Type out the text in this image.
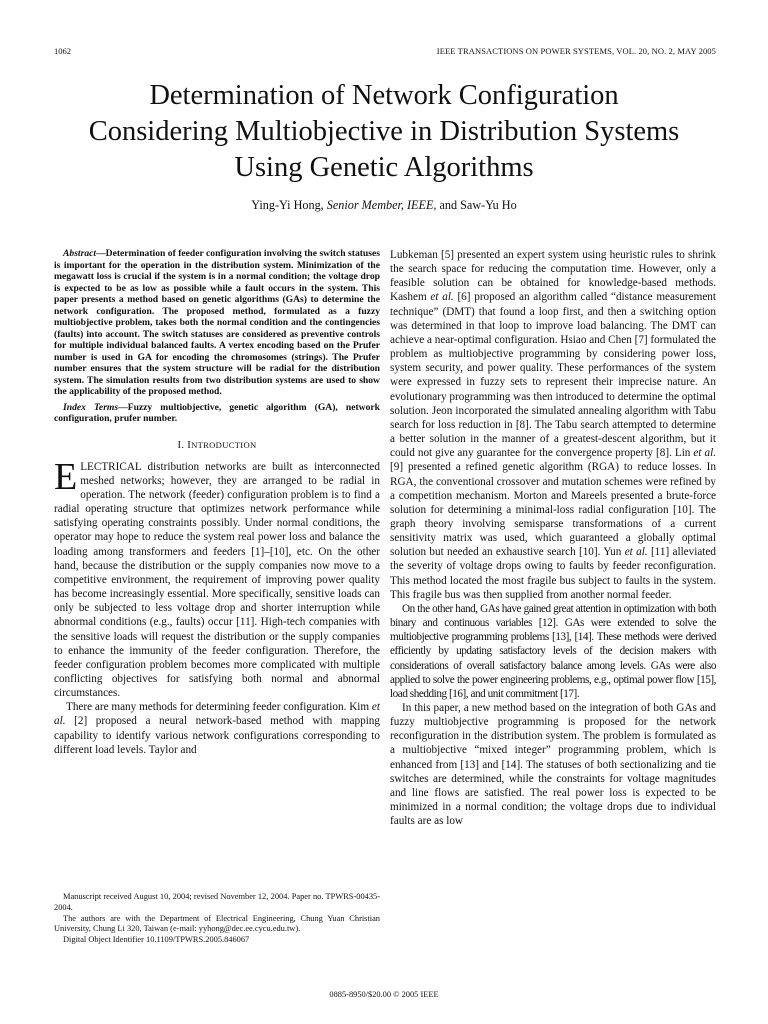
1062	IEEE TRANSACTIONS ON POWER SYSTEMS, VOL. 20, NO. 2, MAY 2005
Determination of Network Configuration
Considering Multiobjective in Distribution Systems
Using Genetic Algorithms
Ying-Yi Hong, Senior Member, IEEE, and Saw-Yu Ho

Abstract—Determination of feeder configuration involving the switch statuses is important for the operation in the distribution system. Minimization of the megawatt loss is crucial if the system is in a normal condition; the voltage drop is expected to be as low as possible while a fault occurs in the system. This paper presents a method based on genetic algorithms (GAs) to determine the network configuration. The proposed method, formulated as a fuzzy multiobjective problem, takes both the normal condition and the contingencies (faults) into account. The switch statuses are considered as preventive controls for multiple individual balanced faults. A vertex encoding based on the Prufer number is used in GA for encoding the chromosomes (strings). The Prufer number ensures that the system structure will be radial for the distribution system. The simulation results from two distribution systems are used to show the applicability of the proposed method.

Index Terms—Fuzzy multiobjective, genetic algorithm (GA), network configuration, prufer number.

I. INTRODUCTION

ELECTRICAL distribution networks are built as interconnected meshed networks; however, they are arranged to be radial in operation. The network (feeder) configuration problem is to find a radial operating structure that optimizes network performance while satisfying operating constraints possibly. Under normal conditions, the operator may hope to reduce the system real power loss and balance the loading among transformers and feeders [1]–[10], etc. On the other hand, because the distribution or the supply companies now move to a competitive environment, the requirement of improving power quality has become increasingly essential. More specifically, sensitive loads can only be subjected to less voltage drop and shorter interruption while abnormal conditions (e.g., faults) occur [11]. High-tech companies with the sensitive loads will request the distribution or the supply companies to enhance the immunity of the feeder configuration. Therefore, the feeder configuration problem becomes more complicated with multiple conflicting objectives for satisfying both normal and abnormal circumstances.

There are many methods for determining feeder configuration. Kim et al. [2] proposed a neural network-based method with mapping capability to identify various network configurations corresponding to different load levels. Taylor and

Manuscript received August 10, 2004; revised November 12, 2004. Paper no. TPWRS-00435-2004.

The authors are with the Department of Electrical Engineering, Chung Yuan Christian University, Chung Li 320, Taiwan (e-mail: yyhong@dec.ee.cycu.edu.tw).

Digital Object Identifier 10.1109/TPWRS.2005.846067

Lubkeman [5] presented an expert system using heuristic rules to shrink the search space for reducing the computation time. However, only a feasible solution can be obtained for knowledge-based methods. Kashem et al. [6] proposed an algorithm called “distance measurement technique” (DMT) that found a loop first, and then a switching option was determined in that loop to improve load balancing. The DMT can achieve a near-optimal configuration. Hsiao and Chen [7] formulated the problem as multiobjective programming by considering power loss, system security, and power quality. These performances of the system were expressed in fuzzy sets to represent their imprecise nature. An evolutionary programming was then introduced to determine the optimal solution. Jeon incorporated the simulated annealing algorithm with Tabu search for loss reduction in [8]. The Tabu search attempted to determine a better solution in the manner of a greatest-descent algorithm, but it could not give any guarantee for the convergence property [8]. Lin et al. [9] presented a refined genetic algorithm (RGA) to reduce losses. In RGA, the conventional crossover and mutation schemes were refined by a competition mechanism. Morton and Mareels presented a brute-force solution for determining a minimal-loss radial configuration [10]. The graph theory involving semisparse transformations of a current sensitivity matrix was used, which guaranteed a globally optimal solution but needed an exhaustive search [10]. Yun et al. [11] alleviated the severity of voltage drops owing to faults by feeder reconfiguration. This method located the most fragile bus subject to faults in the system. This fragile bus was then supplied from another normal feeder.

On the other hand, GAs have gained great attention in optimization with both binary and continuous variables [12]. GAs were extended to solve the multiobjective programming problems [13], [14]. These methods were derived efficiently by updating satisfactory levels of the decision makers with considerations of overall satisfactory balance among levels. GAs were also applied to solve the power engineering problems, e.g., optimal power flow [15], load shedding [16], and unit commitment [17].

In this paper, a new method based on the integration of both GAs and fuzzy multiobjective programming is proposed for the network reconfiguration in the distribution system. The problem is formulated as a multiobjective “mixed integer” programming problem, which is enhanced from [13] and [14]. The statuses of both sectionalizing and tie switches are determined, while the constraints for voltage magnitudes and line flows are satisfied. The real power loss is expected to be minimized in a normal condition; the voltage drops due to individual faults are as low

0885-8950/$20.00 © 2005 IEEE
